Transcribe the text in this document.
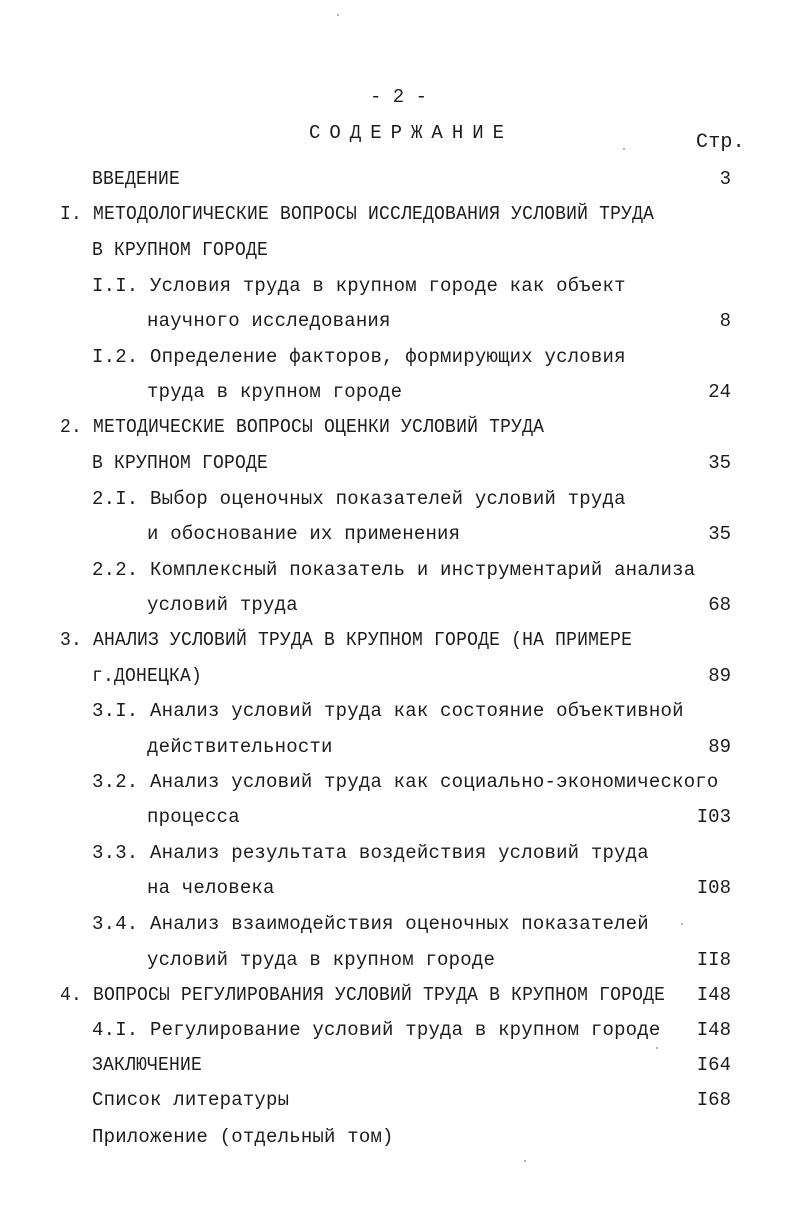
- 2 -
СОДЕРЖАНИЕ	Стр.
ВВЕДЕНИЕ	3
I. МЕТОДОЛОГИЧЕСКИЕ ВОПРОСЫ ИССЛЕДОВАНИЯ УСЛОВИЙ ТРУДА
В КРУПНОМ ГОРОДЕ
I.I. Условия труда в крупном городе как объект
научного исследования	8
I.2. Определение факторов, формирующих условия
труда в крупном городе	24
2. МЕТОДИЧЕСКИЕ ВОПРОСЫ ОЦЕНКИ УСЛОВИЙ ТРУДА
В КРУПНОМ ГОРОДЕ	35
2.I. Выбор оценочных показателей условий труда
и обоснование их применения	35
2.2. Комплексный показатель и инструментарий анализа
условий труда	68
3. АНАЛИЗ УСЛОВИЙ ТРУДА В КРУПНОМ ГОРОДЕ (НА ПРИМЕРЕ
г.ДОНЕЦКА)	89
3.I. Анализ условий труда как состояние объективной
действительности	89
3.2. Анализ условий труда как социально-экономического
процесса	I03
3.3. Анализ результата воздействия условий труда
на человека	I08
3.4. Анализ взаимодействия оценочных показателей
условий труда в крупном городе	II8
4. ВОПРОСЫ РЕГУЛИРОВАНИЯ УСЛОВИЙ ТРУДА В КРУПНОМ ГОРОДЕ I48
4.I. Регулирование условий труда в крупном городе I48
ЗАКЛЮЧЕНИЕ	I64
Список литературы	I68
Приложение (отдельный том)
